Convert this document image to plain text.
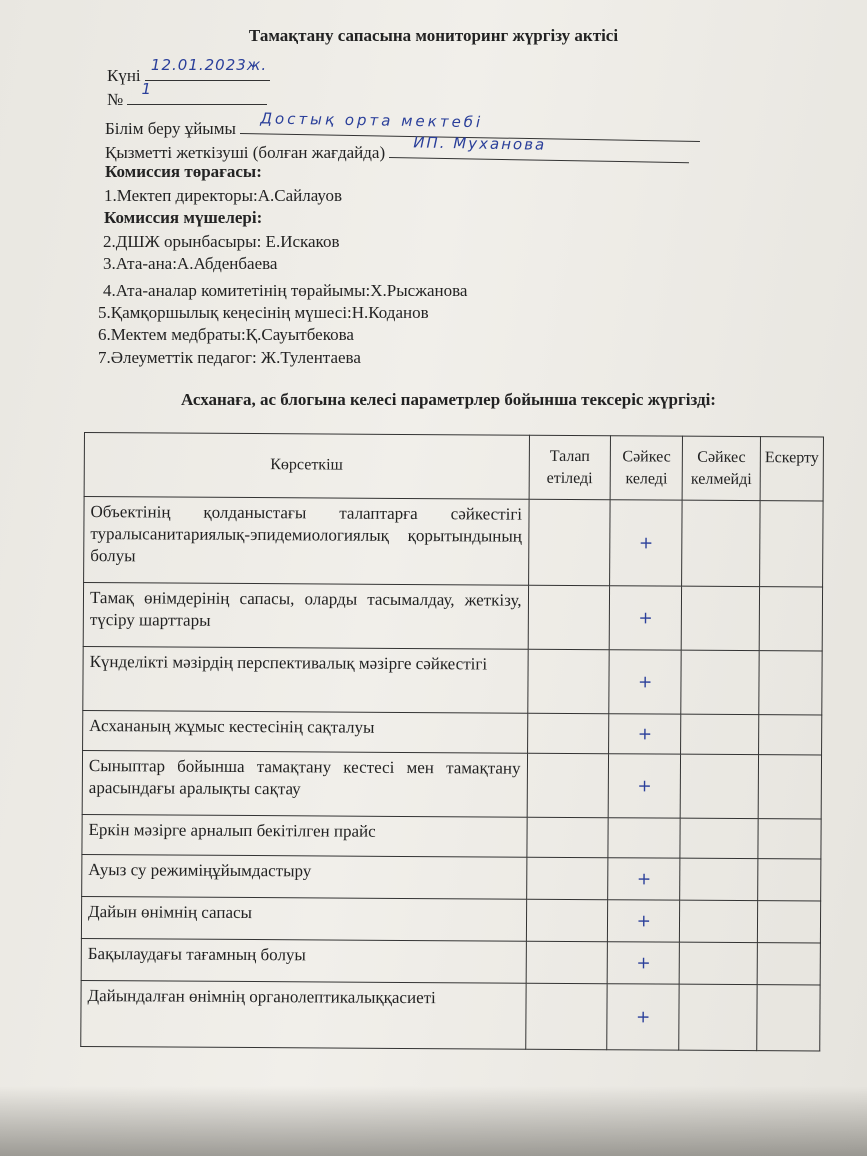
Тамақтану сапасына мониторинг жүргізу актісі
Күні
12.01.2023ж.
№
1
Білім беру ұйымы Достық орта мектебі
Қызметті жеткізуші (болған жағдайда) ИП. Муханова
Комиссия төрағасы:
1.Мектеп директоры:А.Сайлауов
Комиссия мүшелері:
2.ДШЖ орынбасыры: Е.Искаков
3.Ата-ана:А.Абденбаева
4.Ата-аналар комитетінің төрайымы:Х.Рысжанова
5.Қамқоршылық кеңесінің мүшесі:Н.Коданов
6.Мектем медбраты:Қ.Сауытбекова
7.Әлеуметтік педагог: Ж.Тулентаева
Асханаға, ас блогына келесі параметрлер бойынша тексеріс жүргізді:
Көрсеткіш	Талап етіледі	Сәйкес келеді	Сәйкес келмейді	Ескерту
Объектінің қолданыстағы талаптарға сәйкестігі туралысанитариялық-эпидемиологиялық қорытындының болуы		+		
Тамақ өнімдерінің сапасы, оларды тасымалдау, жеткізу, түсіру шарттары		+		
Күнделікті мәзірдің перспективалық мәзірге сәйкестігі		+		
Асхананың жұмыс кестесінің сақталуы		+		
Сыныптар бойынша тамақтану кестесі мен тамақтану арасындағы аралықты сақтау		+		
Еркін мәзірге арналып бекітілген прайс				
Ауыз су режиміңұйымдастыру		+		
Дайын өнімнің сапасы		+		
Бақылаудағы тағамның болуы		+		
Дайындалған өнімнің органолептикалыққасиеті		+		
